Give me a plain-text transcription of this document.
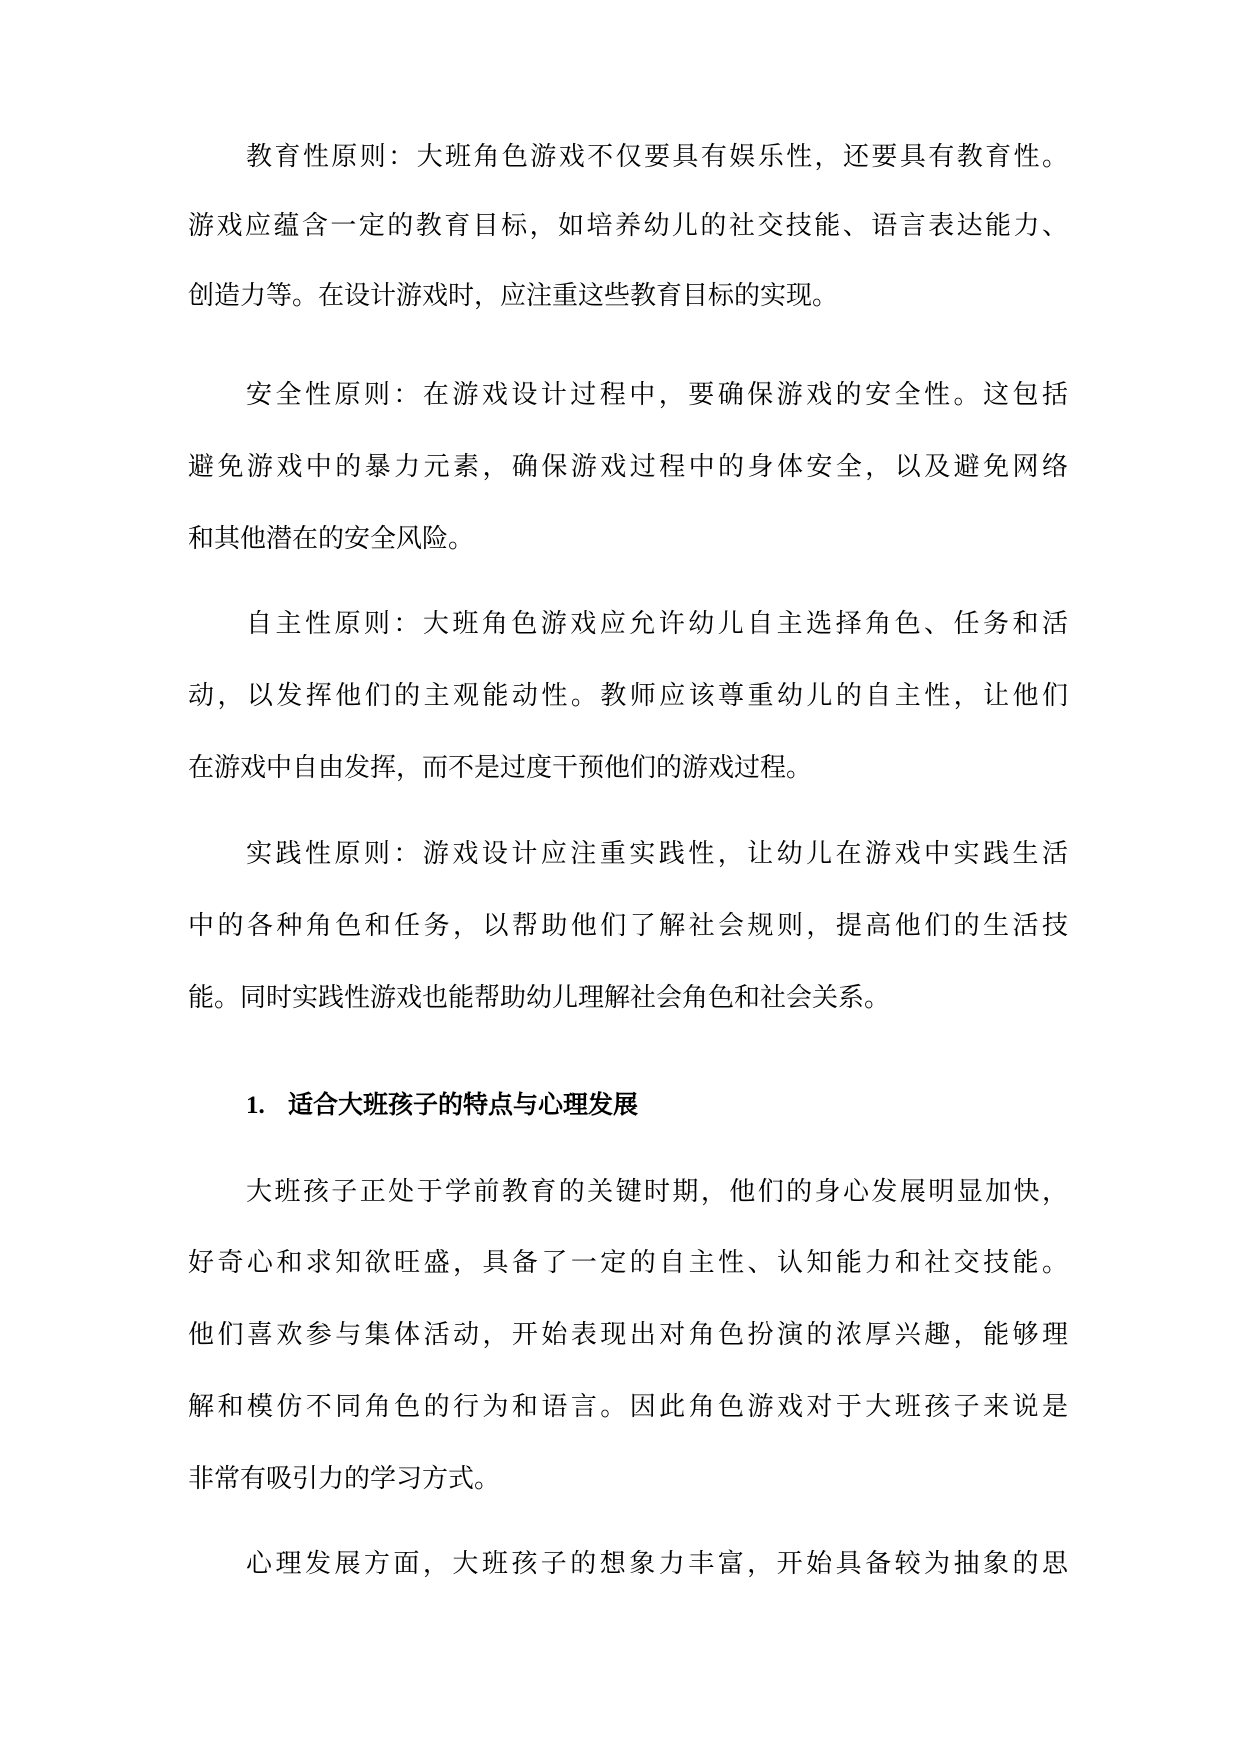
教育性原则：大班角色游戏不仅要具有娱乐性，还要具有教育性。
游戏应蕴含一定的教育目标，如培养幼儿的社交技能、语言表达能力、
创造力等。在设计游戏时，应注重这些教育目标的实现。
安全性原则：在游戏设计过程中，要确保游戏的安全性。这包括
避免游戏中的暴力元素，确保游戏过程中的身体安全，以及避免网络
和其他潜在的安全风险。
自主性原则：大班角色游戏应允许幼儿自主选择角色、任务和活
动，以发挥他们的主观能动性。教师应该尊重幼儿的自主性，让他们
在游戏中自由发挥，而不是过度干预他们的游戏过程。
实践性原则：游戏设计应注重实践性，让幼儿在游戏中实践生活
中的各种角色和任务，以帮助他们了解社会规则，提高他们的生活技
能。同时实践性游戏也能帮助幼儿理解社会角色和社会关系。
1. 适合大班孩子的特点与心理发展
大班孩子正处于学前教育的关键时期，他们的身心发展明显加快，
好奇心和求知欲旺盛，具备了一定的自主性、认知能力和社交技能。
他们喜欢参与集体活动，开始表现出对角色扮演的浓厚兴趣，能够理
解和模仿不同角色的行为和语言。因此角色游戏对于大班孩子来说是
非常有吸引力的学习方式。
心理发展方面，大班孩子的想象力丰富，开始具备较为抽象的思
